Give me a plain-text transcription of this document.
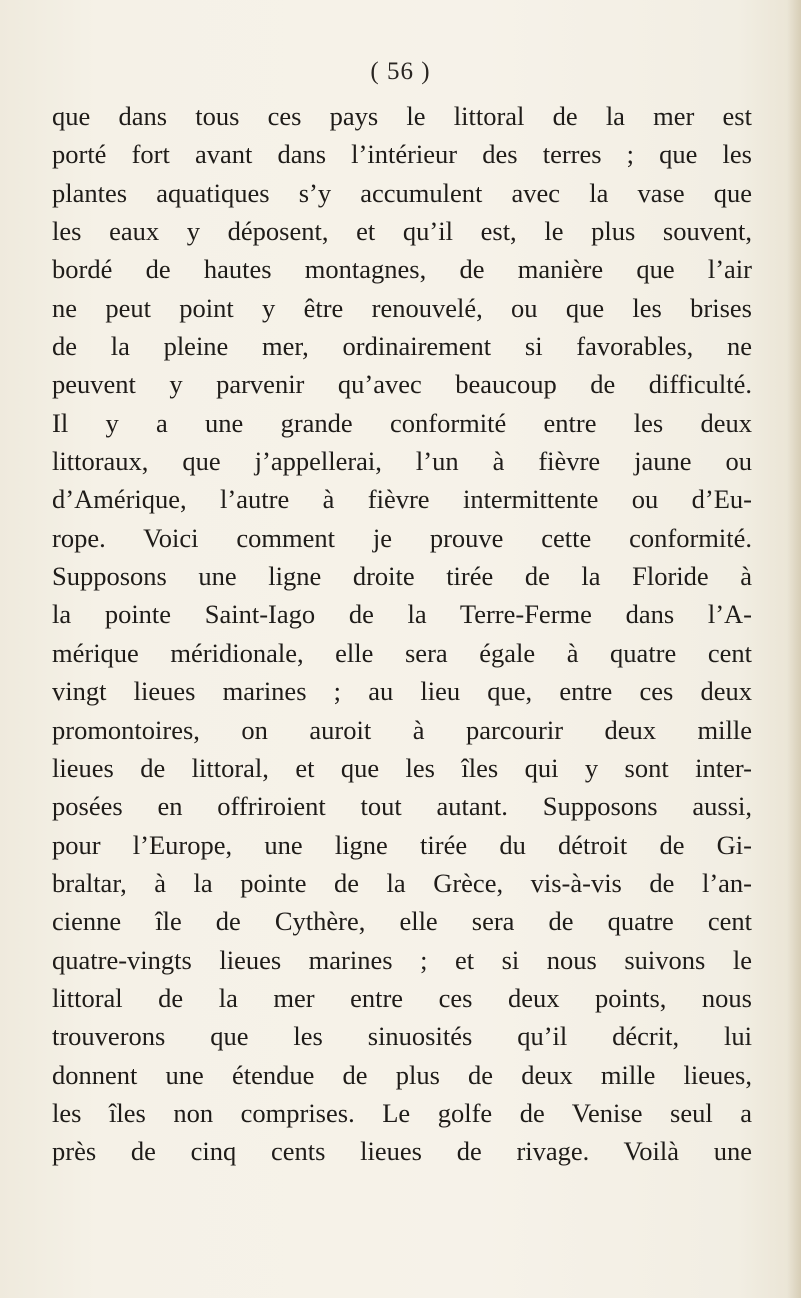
( 56 )
que dans tous ces pays le littoral de la mer est
porté fort avant dans l’intérieur des terres ; que les
plantes aquatiques s’y accumulent avec la vase que
les eaux y déposent, et qu’il est, le plus souvent,
bordé de hautes montagnes, de manière que l’air
ne peut point y être renouvelé, ou que les brises
de la pleine mer, ordinairement si favorables, ne
peuvent y parvenir qu’avec beaucoup de difficulté.
Il y a une grande conformité entre les deux
littoraux, que j’appellerai, l’un à fièvre jaune ou
d’Amérique, l’autre à fièvre intermittente ou d’Eu-
rope. Voici comment je prouve cette conformité.
Supposons une ligne droite tirée de la Floride à
la pointe Saint-Iago de la Terre-Ferme dans l’A-
mérique méridionale, elle sera égale à quatre cent
vingt lieues marines ; au lieu que, entre ces deux
promontoires, on auroit à parcourir deux mille
lieues de littoral, et que les îles qui y sont inter-
posées en offriroient tout autant. Supposons aussi,
pour l’Europe, une ligne tirée du détroit de Gi-
braltar, à la pointe de la Grèce, vis-à-vis de l’an-
cienne île de Cythère, elle sera de quatre cent
quatre-vingts lieues marines ; et si nous suivons le
littoral de la mer entre ces deux points, nous
trouverons que les sinuosités qu’il décrit, lui
donnent une étendue de plus de deux mille lieues,
les îles non comprises. Le golfe de Venise seul a
près de cinq cents lieues de rivage. Voilà une
